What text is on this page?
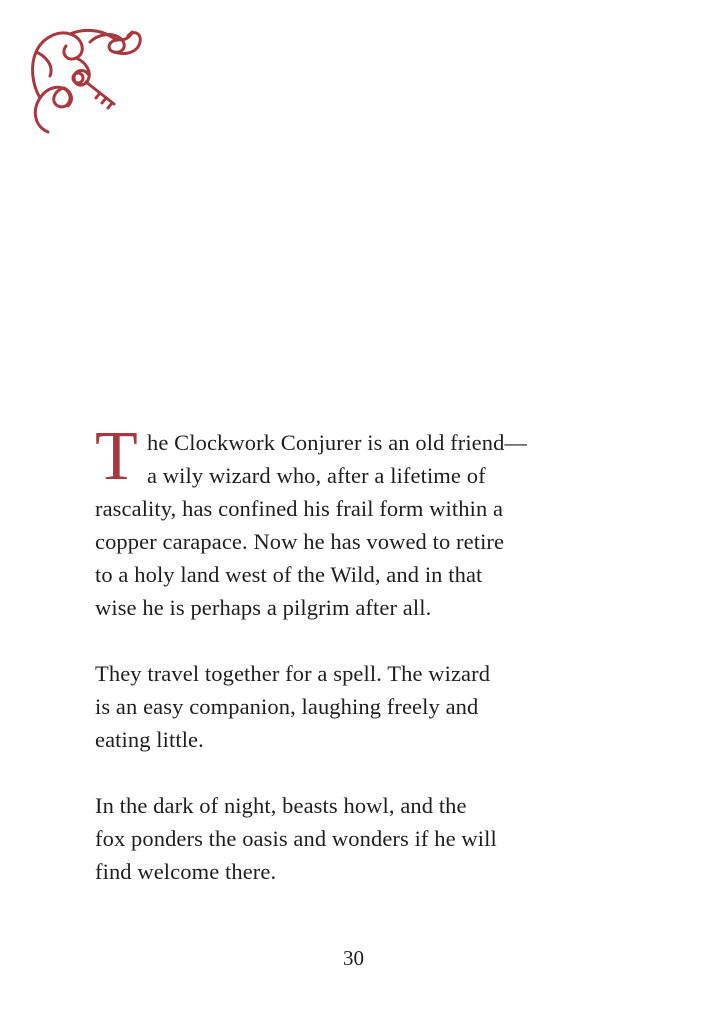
T he Clockwork Conjurer is an old friend—
a wily wizard who, after a lifetime of
rascality, has confined his frail form within a
copper carapace. Now he has vowed to retire
to a holy land west of the Wild, and in that
wise he is perhaps a pilgrim after all.
They travel together for a spell. The wizard
is an easy companion, laughing freely and
eating little.
In the dark of night, beasts howl, and the
fox ponders the oasis and wonders if he will
find welcome there.
30
